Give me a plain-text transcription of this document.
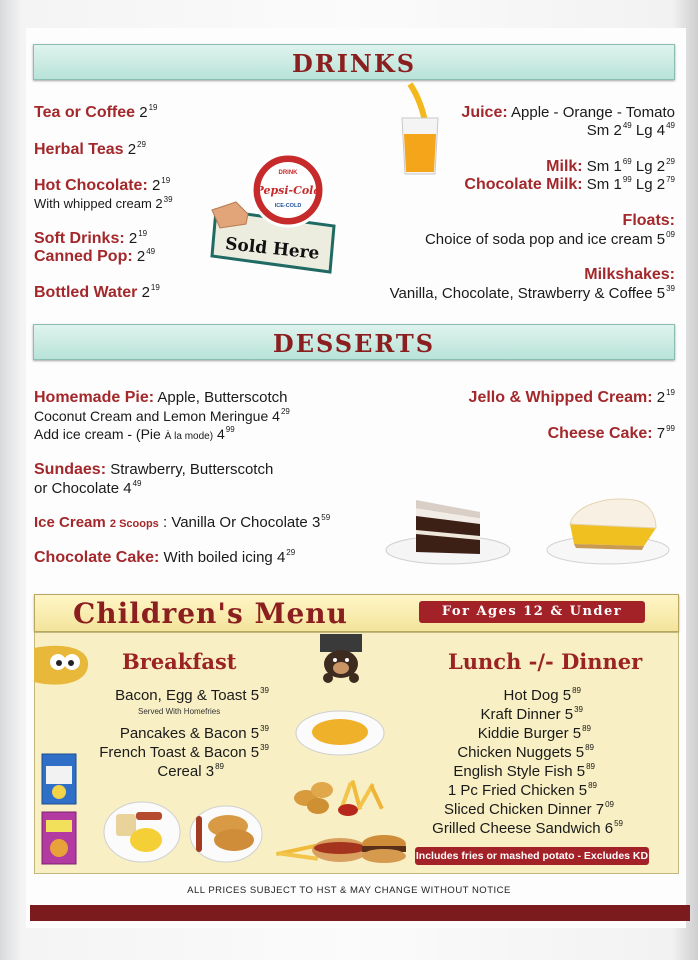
DRINKS
Tea or Coffee $2^{19}$
Herbal Teas $2^{29}$
Hot Chocolate: $2^{19}$
With whipped cream $2^{39}$
Soft Drinks: $2^{19}$
Canned Pop: $2^{49}$
Bottled Water $2^{19}$
Sold Here
DRINK
Pepsi-Cola
ICE-COLD
Juice: Apple - Orange - Tomato
Sm $2^{49}$ Lg $4^{49}$
Milk: Sm $1^{69}$ Lg $2^{29}$
Chocolate Milk: Sm $1^{99}$ Lg $2^{79}$
Floats:
Choice of soda pop and ice cream $5^{09}$
Milkshakes:
Vanilla, Chocolate, Strawberry & Coffee $5^{39}$
DESSERTS
Homemade Pie: Apple, Butterscotch
Coconut Cream and Lemon Meringue $4^{29}$
Add ice cream - (Pie À la mode) $4^{99}$
Sundaes: Strawberry, Butterscotch
or Chocolate $4^{49}$
Ice Cream 2 Scoops : Vanilla Or Chocolate $3^{59}$
Chocolate Cake: With boiled icing $4^{29}$
Jello & Whipped Cream: $2^{19}$
Cheese Cake: $7^{99}$
Children's Menu	For Ages 12 & Under
Breakfast	Lunch -/- Dinner
Bacon, Egg & Toast $5^{39}$
Served With Homefries
Pancakes & Bacon $5^{39}$
French Toast & Bacon $5^{39}$
Cereal $3^{89}$
Hot Dog $5^{89}$
Kraft Dinner $5^{39}$
Kiddie Burger $5^{89}$
Chicken Nuggets $5^{89}$
English Style Fish $5^{89}$
1 Pc Fried Chicken $5^{89}$
Sliced Chicken Dinner $7^{09}$
Grilled Cheese Sandwich $6^{59}$
Includes fries or mashed potato - Excludes KD
ALL PRICES SUBJECT TO HST & MAY CHANGE WITHOUT NOTICE
